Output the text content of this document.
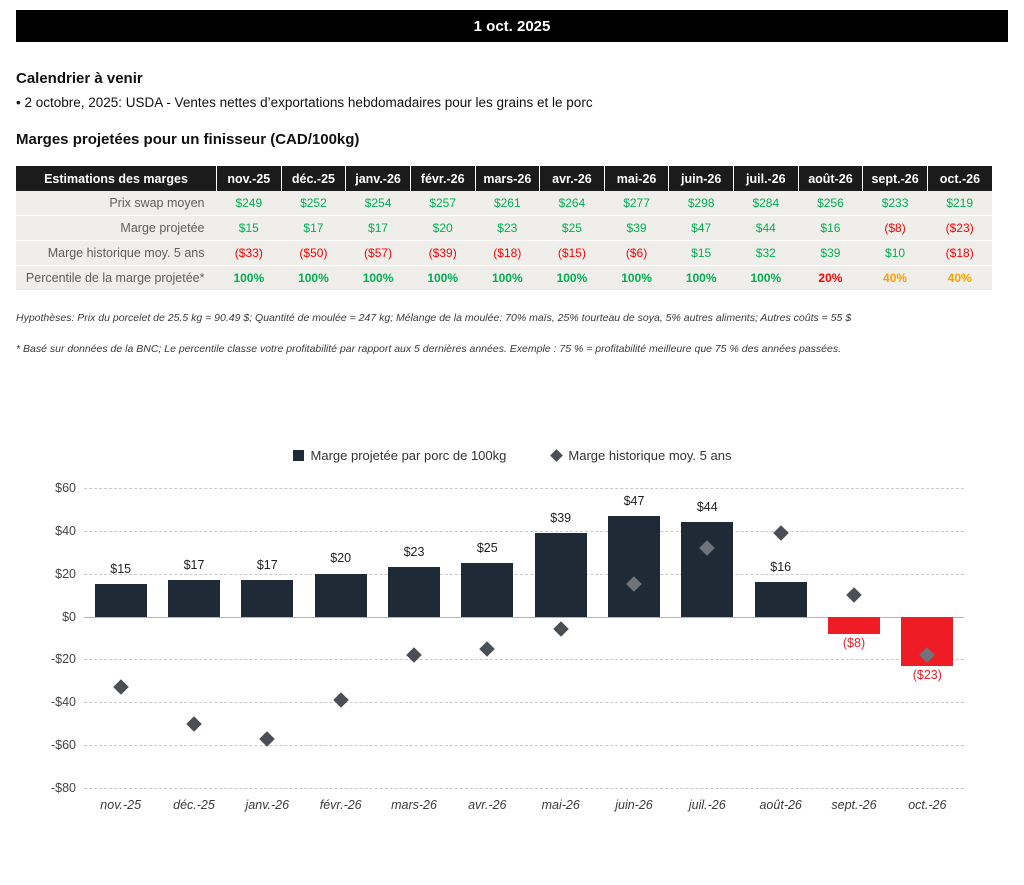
1 oct. 2025
Calendrier à venir
• 2 octobre, 2025: USDA - Ventes nettes d’exportations hebdomadaires pour les grains et le porc
Marges projetées pour un finisseur (CAD/100kg)
Estimations des marges	nov.-25	déc.-25	janv.-26	févr.-26	mars-26	avr.-26	mai-26	juin-26	juil.-26	août-26	sept.-26	oct.-26
Prix swap moyen	$249	$252	$254	$257	$261	$264	$277	$298	$284	$256	$233	$219
Marge projetée	$15	$17	$17	$20	$23	$25	$39	$47	$44	$16	($8)	($23)
Marge historique moy. 5 ans	($33)	($50)	($57)	($39)	($18)	($15)	($6)	$15	$32	$39	$10	($18)
Percentile de la marge projetée*	100%	100%	100%	100%	100%	100%	100%	100%	100%	20%	40%	40%
Hypothèses: Prix du porcelet de 25.5 kg = 90.49 $; Quantité de moulée = 247 kg; Mélange de la moulée: 70% maïs, 25% tourteau de soya, 5% autres aliments; Autres coûts = 55 $
* Basé sur données de la BNC; Le percentile classe votre profitabilité par rapport aux 5 dernières années. Exemple : 75 % = profitabilité meilleure que 75 % des années passées.
Marge projetée par porc de 100kg	Marge historique moy. 5 ans
$60
$40
$20
$0
-$20
-$40
-$60
-$80
$15	$17	$17	$20	$23	$25
$39
$47	$44
$16
($8)
($23)
nov.-25	déc.-25	janv.-26	févr.-26	mars-26	avr.-26	mai-26	juin-26	juil.-26	août-26	sept.-26	oct.-26
